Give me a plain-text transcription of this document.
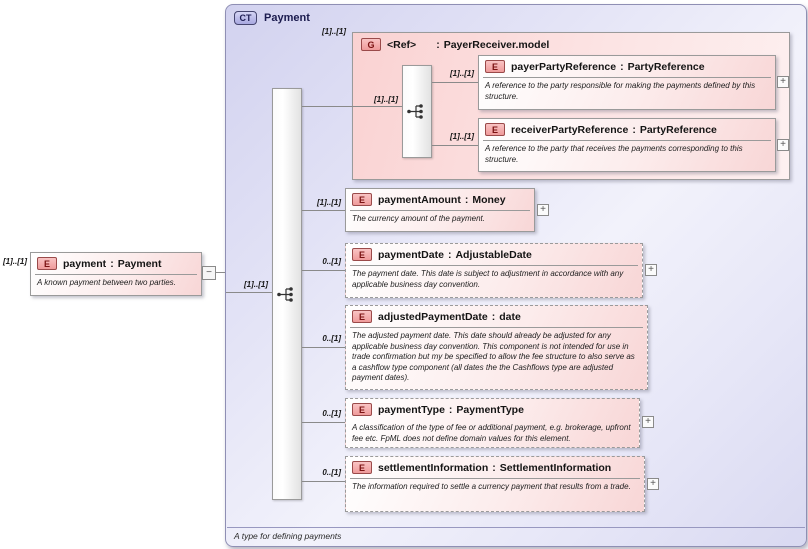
CT	Payment
A type for defining payments
[1]..[1]	E	payment : Payment
A known payment between two parties.
−
G	<Ref> : PayerReceiver.model
[1]..[1]
[1]..[1]
[1]..[1]
[1]..[1]
[1]..[1]
[1]..[1]
0..[1]
0..[1]
0..[1]
0..[1]
E	payerPartyReference : PartyReference
A reference to the party responsible for making the payments defined by this structure.
+
E	receiverPartyReference : PartyReference
A reference to the party that receives the payments corresponding to this structure.
+
E	paymentAmount : Money
The currency amount of the payment.
+
E	paymentDate : AdjustableDate
The payment date. This date is subject to adjustment in accordance with any applicable business day convention.
+
E	adjustedPaymentDate : date
The adjusted payment date. This date should already be adjusted for any applicable business day convention. This component is not intended for use in trade confirmation but my be specified to allow the fee structure to also serve as a cashflow type component (all dates the the Cashflows type are adjusted payment dates).
E	paymentType : PaymentType
A classification of the type of fee or additional payment, e.g. brokerage, upfront fee etc. FpML does not define domain values for this element.
+
E	settlementInformation : SettlementInformation
The information required to settle a currency payment that results from a trade.	+
